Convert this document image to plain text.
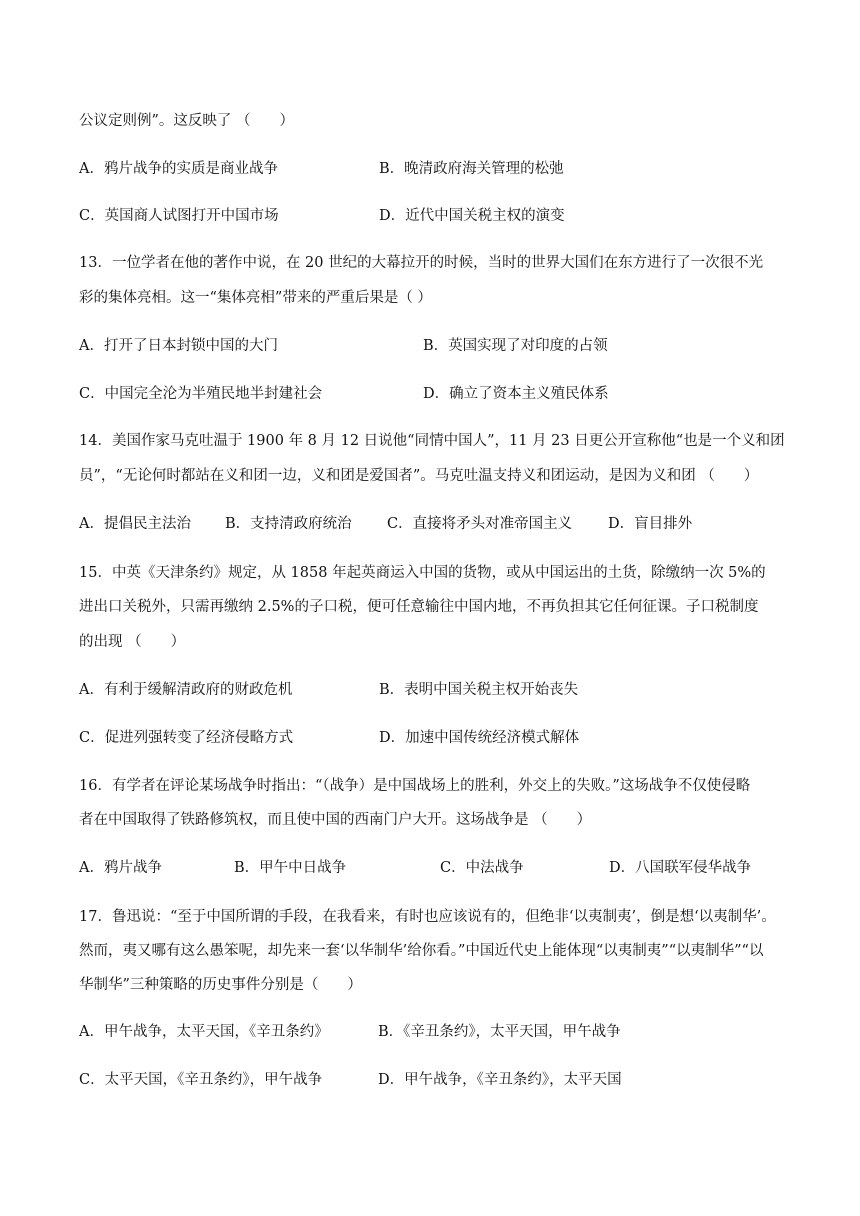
公议定则例”。这反映了 （　　）
A．鸦片战争的实质是商业战争	B．晚清政府海关管理的松弛
C．英国商人试图打开中国市场	D．近代中国关税主权的演变
13．一位学者在他的著作中说，在 20 世纪的大幕拉开的时候，当时的世界大国们在东方进行了一次很不光
彩的集体亮相。这一“集体亮相”带来的严重后果是（ ）
A．打开了日本封锁中国的大门	B．英国实现了对印度的占领
C．中国完全沦为半殖民地半封建社会	D．确立了资本主义殖民体系
14．美国作家马克吐温于 1900 年 8 月 12 日说他“同情中国人”，11 月 23 日更公开宣称他“也是一个义和团
员”，“无论何时都站在义和团一边，义和团是爱国者”。马克吐温支持义和团运动，是因为义和团 （　　）
A．提倡民主法治 B．支持清政府统治 C．直接将矛头对准帝国主义 D．盲目排外
15．中英《天津条约》规定，从 1858 年起英商运入中国的货物，或从中国运出的土货，除缴纳一次 5%的
进出口关税外，只需再缴纳 2.5%的子口税，便可任意输往中国内地，不再负担其它任何征课。子口税制度
的出现 （　　）
A．有利于缓解清政府的财政危机	B．表明中国关税主权开始丧失
C．促进列强转变了经济侵略方式	D．加速中国传统经济模式解体
16．有学者在评论某场战争时指出：“（战争）是中国战场上的胜利，外交上的失败。”这场战争不仅使侵略
者在中国取得了铁路修筑权，而且使中国的西南门户大开。这场战争是 （　　）
A．鸦片战争	B．甲午中日战争	C．中法战争	D．八国联军侵华战争
17．鲁迅说：“至于中国所谓的手段，在我看来，有时也应该说有的，但绝非‘以夷制夷’，倒是想‘以夷制华’。
然而，夷又哪有这么愚笨呢，却先来一套‘以华制华’给你看。”中国近代史上能体现“以夷制夷”“以夷制华”“以
华制华”三种策略的历史事件分别是（　　）
A．甲午战争，太平天国，《辛丑条约》	B．《辛丑条约》，太平天国，甲午战争
C．太平天国，《辛丑条约》，甲午战争	D．甲午战争，《辛丑条约》，太平天国
